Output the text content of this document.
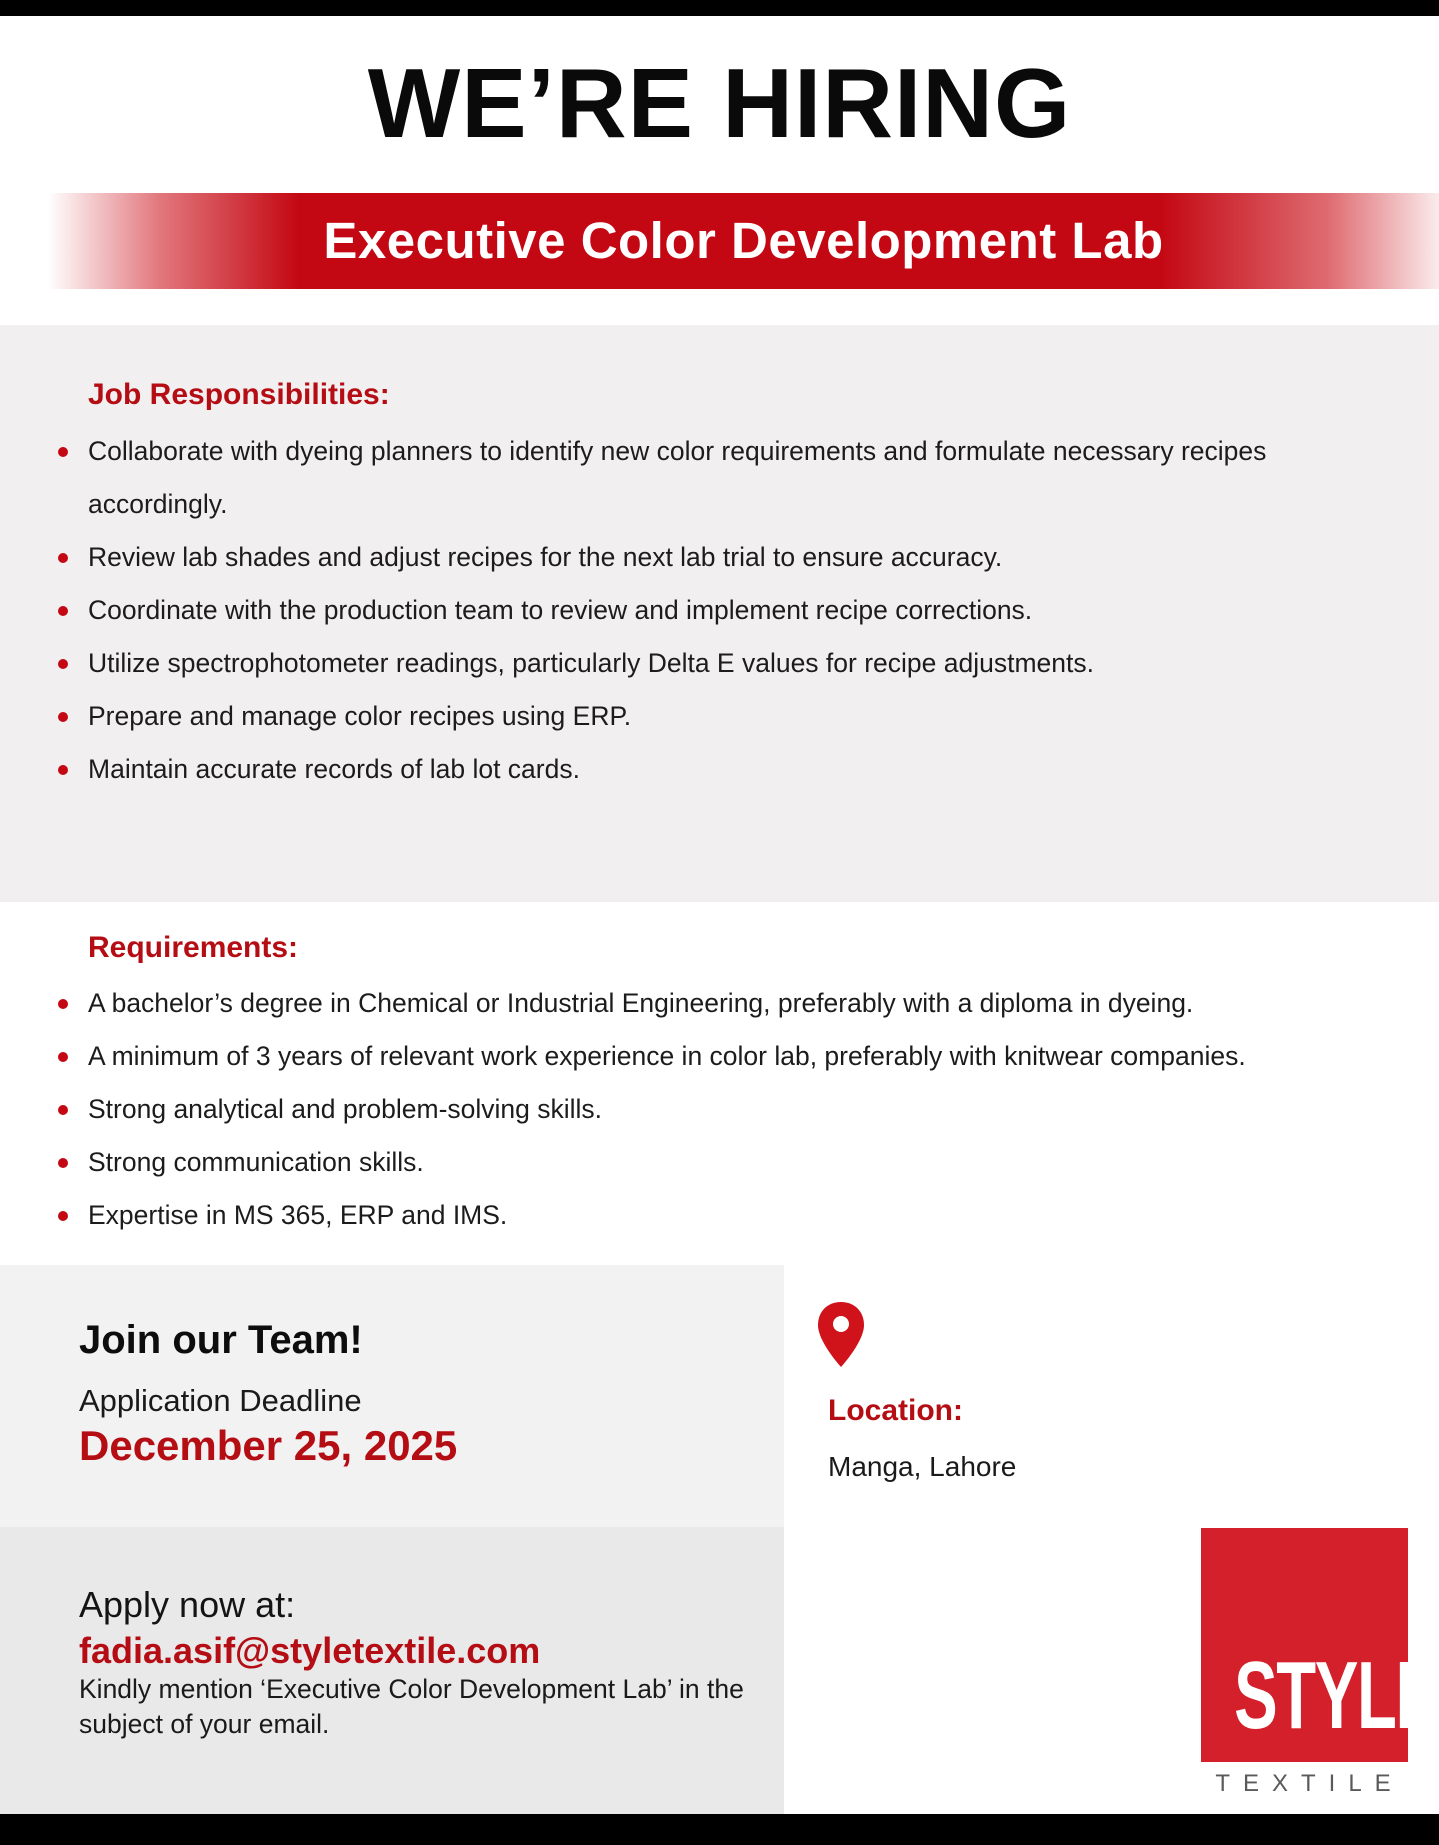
WE’RE HIRING
Executive Color Development Lab
Job Responsibilities:
Collaborate with dyeing planners to identify new color requirements and formulate necessary recipes accordingly.
Review lab shades and adjust recipes for the next lab trial to ensure accuracy.
Coordinate with the production team to review and implement recipe corrections.
Utilize spectrophotometer readings, particularly Delta E values for recipe adjustments.
Prepare and manage color recipes using ERP.
Maintain accurate records of lab lot cards.
Requirements:
A bachelor’s degree in Chemical or Industrial Engineering, preferably with a diploma in dyeing.
A minimum of 3 years of relevant work experience in color lab, preferably with knitwear companies.
Strong analytical and problem-solving skills.
Strong communication skills.
Expertise in MS 365, ERP and IMS.
Join our Team!
Application Deadline
December 25, 2025
Location:
Manga, Lahore
Apply now at:
fadia.asif@styletextile.com
Kindly mention ‘Executive Color Development Lab’ in the subject of your email.	STYLE
TEXTILE
